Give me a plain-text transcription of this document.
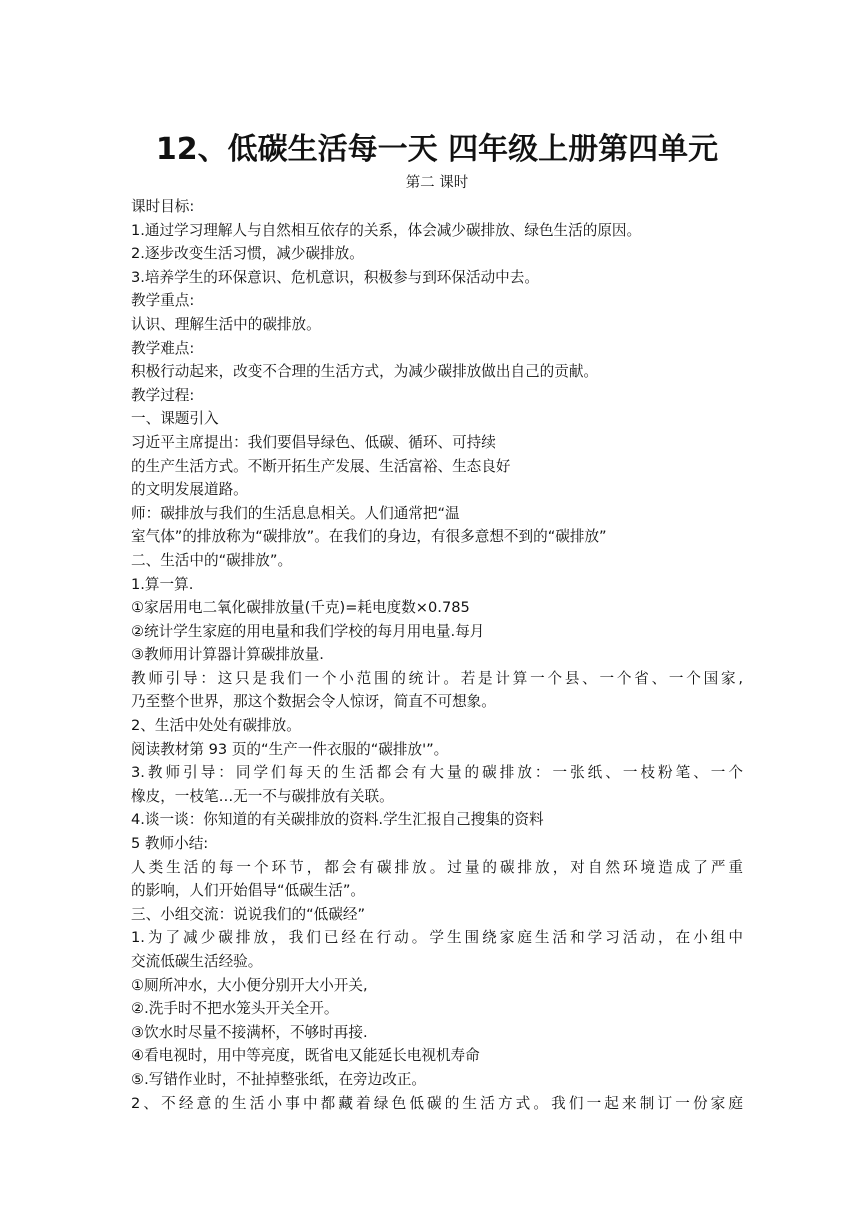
12、低碳生活每一天 四年级上册第四单元
第二 课时
课时目标:
1.通过学习理解人与自然相互依存的关系，体会减少碳排放、绿色生活的原因。
2.逐步改变生活习惯，减少碳排放。
3.培养学生的环保意识、危机意识，积极参与到环保活动中去。
教学重点:
认识、理解生活中的碳排放。
教学难点:
积极行动起来，改变不合理的生活方式，为减少碳排放做出自己的贡献。
教学过程:
一、课题引入
习近平主席提出：我们要倡导绿色、低碳、循环、可持续
的生产生活方式。不断开拓生产发展、生活富裕、生态良好
的文明发展道路。
师：碳排放与我们的生活息息相关。人们通常把“温
室气体”的排放称为“碳排放”。在我们的身边，有很多意想不到的“碳排放”
二、生活中的“碳排放”。
1.算一算.
①家居用电二氧化碳排放量(千克)=耗电度数×0.785
②统计学生家庭的用电量和我们学校的每月用电量.每月
③教师用计算器计算碳排放量.
教师引导：这只是我们一个小范围的统计。若是计算一个县、一个省、一个国家,
乃至整个世界，那这个数据会令人惊讶，简直不可想象。
2、生活中处处有碳排放。
阅读教材第 93 页的“生产一件衣服的“碳排放'”。
3.教师引导：同学们每天的生活都会有大量的碳排放：一张纸、一枝粉笔、一个
橡皮，一枝笔…无一不与碳排放有关联。
4.谈一谈：你知道的有关碳排放的资料.学生汇报自己搜集的资料
5 教师小结:
人类生活的每一个环节，都会有碳排放。过量的碳排放，对自然环境造成了严重
的影响，人们开始倡导“低碳生活”。
三、小组交流：说说我们的“低碳经”
1.为了减少碳排放，我们已经在行动。学生围绕家庭生活和学习活动，在小组中
交流低碳生活经验。
①厕所冲水，大小便分别开大小开关,
②.洗手时不把水笼头开关全开。
③饮水时尽量不接满杯，不够时再接.
④看电视时，用中等亮度，既省电又能延长电视机寿命
⑤.写错作业时，不扯掉整张纸，在旁边改正。
2、不经意的生活小事中都藏着绿色低碳的生活方式。我们一起来制订一份家庭
